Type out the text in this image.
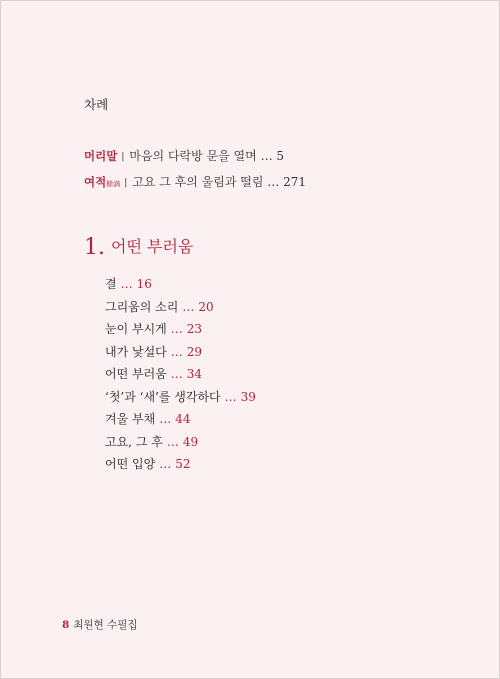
차례
머리말 | 마음의 다락방 문을 열며 … 5
여적餘滴 | 고요 그 후의 울림과 떨림 … 271
1. 어떤 부러움
결 … 16
그리움의 소리 … 20
눈이 부시게 … 23
내가 낯설다 … 29
어떤 부러움 … 34
‘첫’과 ‘새’를 생각하다 … 39
겨울 부채 … 44
고요, 그 후 … 49
어떤 입양 … 52
8 최원현 수필집
